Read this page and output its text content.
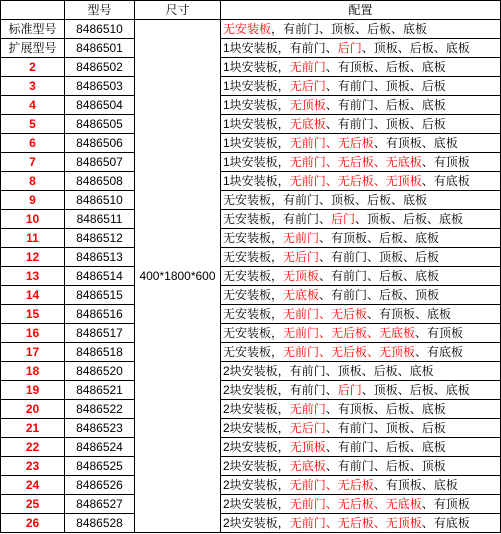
	型号	尺寸	配置
标准型号	8486510	400*1800*600	无安装板，有前门、顶板、后板、底板
扩展型号	8486501		1块安装板，有前门、后门、顶板、后板、底板
2	8486502		1块安装板，无前门、有顶板、后板、底板
3	8486503		1块安装板，无后门、有前门、顶板、后板
4	8486504		1块安装板，无顶板、有前门、后板、底板
5	8486505		1块安装板，无底板、有前门、顶板、后板
6	8486506		1块安装板，无前门、无后板、有顶板、底板
7	8486507		1块安装板，无前门、无后板、无底板、有顶板
8	8486508		1块安装板，无前门、无后板、无顶板、有底板
9	8486510		无安装板，有前门、顶板、后板、底板
10	8486511		无安装板，有前门、后门、顶板、后板、底板
11	8486512		无安装板，无前门、有顶板、后板、底板
12	8486513		无安装板，无后门、有前门、顶板、后板
13	8486514		无安装板，无顶板、有前门、后板、底板
14	8486515		无安装板，无底板、有前门、后板、顶板
15	8486516		无安装板，无前门、无后板、有顶板、底板
16	8486517		无安装板，无前门、无后板、无底板、有顶板
17	8486518		无安装板，无前门、无后板、无顶板、有底板
18	8486520		2块安装板，有前门、顶板、后板、底板
19	8486521		2块安装板，有前门、后门、顶板、后板、底板
20	8486522		2块安装板，无前门、有顶板、后板、底板
21	8486523		2块安装板，无后门、有前门、顶板、后板
22	8486524		2块安装板，无顶板、有前门、后板、底板
23	8486525		2块安装板，无底板、有前门、后板、顶板
24	8486526		2块安装板，无前门、无后板、有顶板、底板
25	8486527		2块安装板，无前门、无后板、无底板、有顶板
26	8486528		2块安装板，无前门、无后板、无顶板、有底板
